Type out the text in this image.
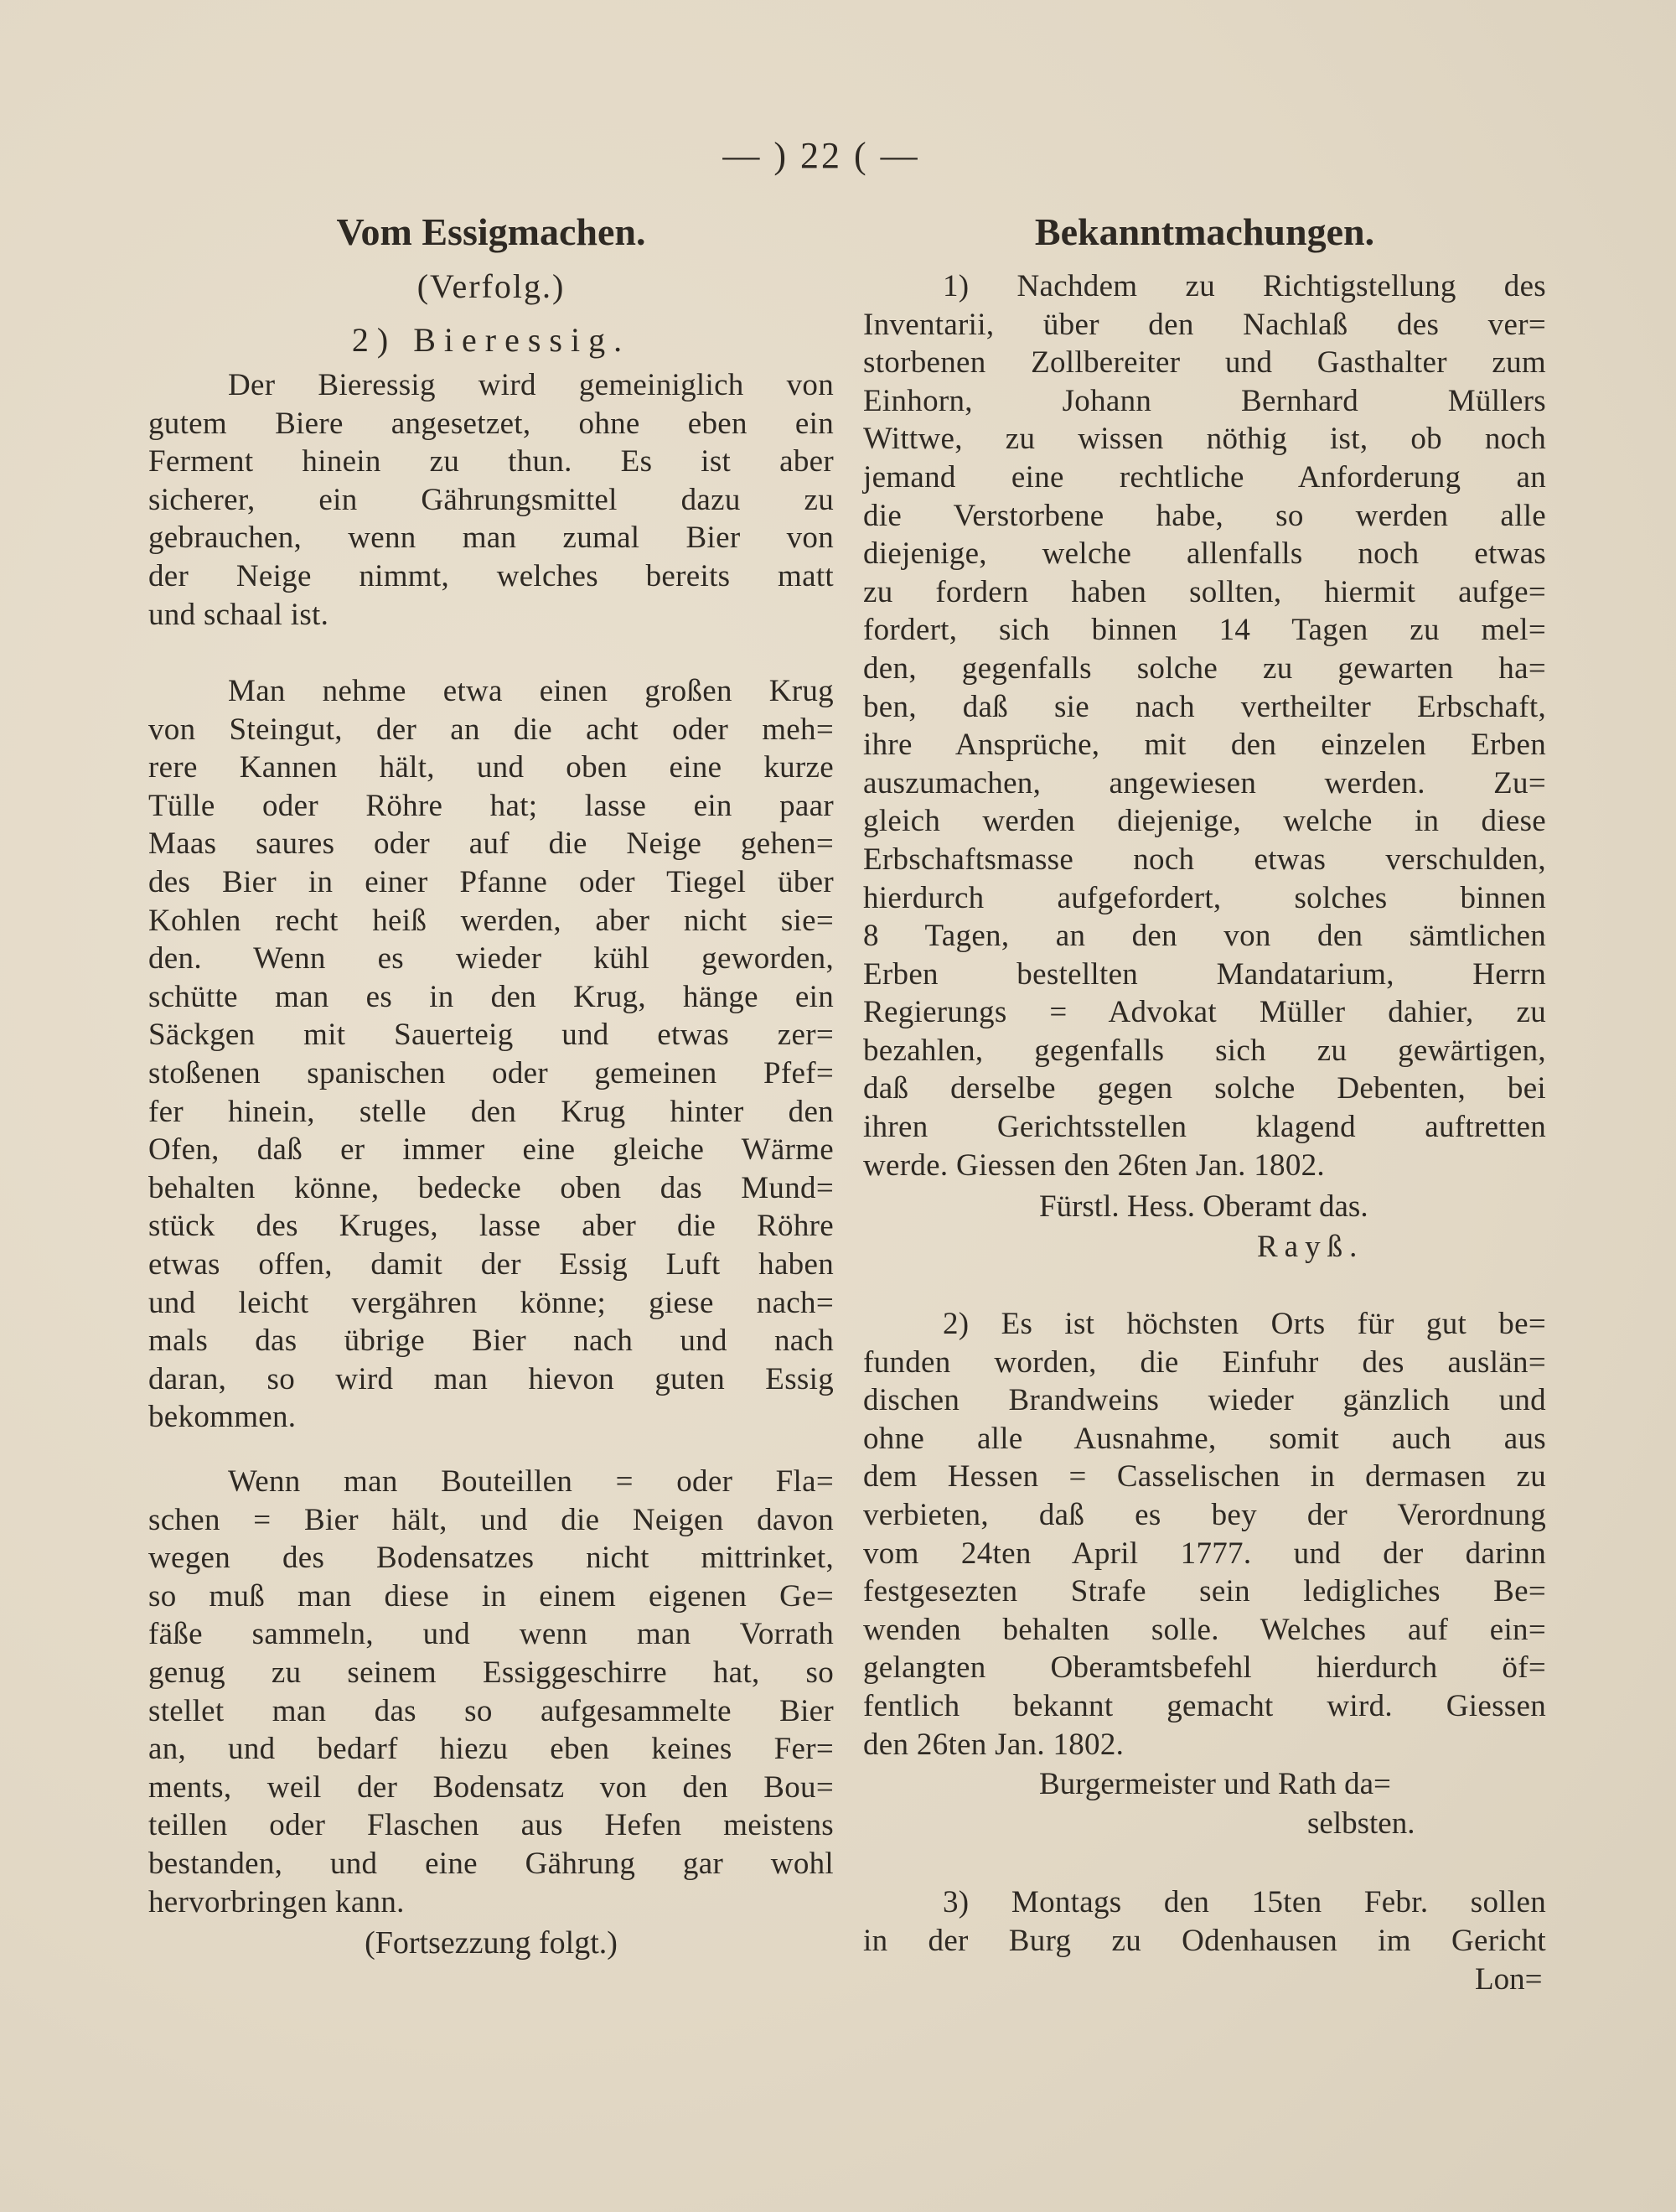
— ) 22 ( —
Vom Essigmachen.
(Verfolg.)
2) Bieressig.
Der Bieressig wird gemeiniglich von
gutem Biere angesetzet, ohne eben ein
Ferment hinein zu thun. Es ist aber
sicherer, ein Gährungsmittel dazu zu
gebrauchen, wenn man zumal Bier von
der Neige nimmt, welches bereits matt
und schaal ist.
Man nehme etwa einen großen Krug
von Steingut, der an die acht oder meh=
rere Kannen hält, und oben eine kurze
Tülle oder Röhre hat; lasse ein paar
Maas saures oder auf die Neige gehen=
des Bier in einer Pfanne oder Tiegel über
Kohlen recht heiß werden, aber nicht sie=
den. Wenn es wieder kühl geworden,
schütte man es in den Krug, hänge ein
Säckgen mit Sauerteig und etwas zer=
stoßenen spanischen oder gemeinen Pfef=
fer hinein, stelle den Krug hinter den
Ofen, daß er immer eine gleiche Wärme
behalten könne, bedecke oben das Mund=
stück des Kruges, lasse aber die Röhre
etwas offen, damit der Essig Luft haben
und leicht vergähren könne; giese nach=
mals das übrige Bier nach und nach
daran, so wird man hievon guten Essig
bekommen.
Wenn man Bouteillen = oder Fla=
schen = Bier hält, und die Neigen davon
wegen des Bodensatzes nicht mittrinket,
so muß man diese in einem eigenen Ge=
fäße sammeln, und wenn man Vorrath
genug zu seinem Essiggeschirre hat, so
stellet man das so aufgesammelte Bier
an, und bedarf hiezu eben keines Fer=
ments, weil der Bodensatz von den Bou=
teillen oder Flaschen aus Hefen meistens
bestanden, und eine Gährung gar wohl
hervorbringen kann.
(Fortsezzung folgt.)
Bekanntmachungen.
1) Nachdem zu Richtigstellung des
Inventarii, über den Nachlaß des ver=
storbenen Zollbereiter und Gasthalter zum
Einhorn, Johann Bernhard Müllers
Wittwe, zu wissen nöthig ist, ob noch
jemand eine rechtliche Anforderung an
die Verstorbene habe, so werden alle
diejenige, welche allenfalls noch etwas
zu fordern haben sollten, hiermit aufge=
fordert, sich binnen 14 Tagen zu mel=
den, gegenfalls solche zu gewarten ha=
ben, daß sie nach vertheilter Erbschaft,
ihre Ansprüche, mit den einzelen Erben
auszumachen, angewiesen werden. Zu=
gleich werden diejenige, welche in diese
Erbschaftsmasse noch etwas verschulden,
hierdurch aufgefordert, solches binnen
8 Tagen, an den von den sämtlichen
Erben bestellten Mandatarium, Herrn
Regierungs = Advokat Müller dahier, zu
bezahlen, gegenfalls sich zu gewärtigen,
daß derselbe gegen solche Debenten, bei
ihren Gerichtsstellen klagend auftretten
werde. Giessen den 26ten Jan. 1802.
Fürstl. Hess. Oberamt das.
Rayß.
2) Es ist höchsten Orts für gut be=
funden worden, die Einfuhr des auslän=
dischen Brandweins wieder gänzlich und
ohne alle Ausnahme, somit auch aus
dem Hessen = Casselischen in dermasen zu
verbieten, daß es bey der Verordnung
vom 24ten April 1777. und der darinn
festgesezten Strafe sein ledigliches Be=
wenden behalten solle. Welches auf ein=
gelangten Oberamtsbefehl hierdurch öf=
fentlich bekannt gemacht wird. Giessen
den 26ten Jan. 1802.
Burgermeister und Rath da=
selbsten.
3) Montags den 15ten Febr. sollen
in der Burg zu Odenhausen im Gericht
Lon=
